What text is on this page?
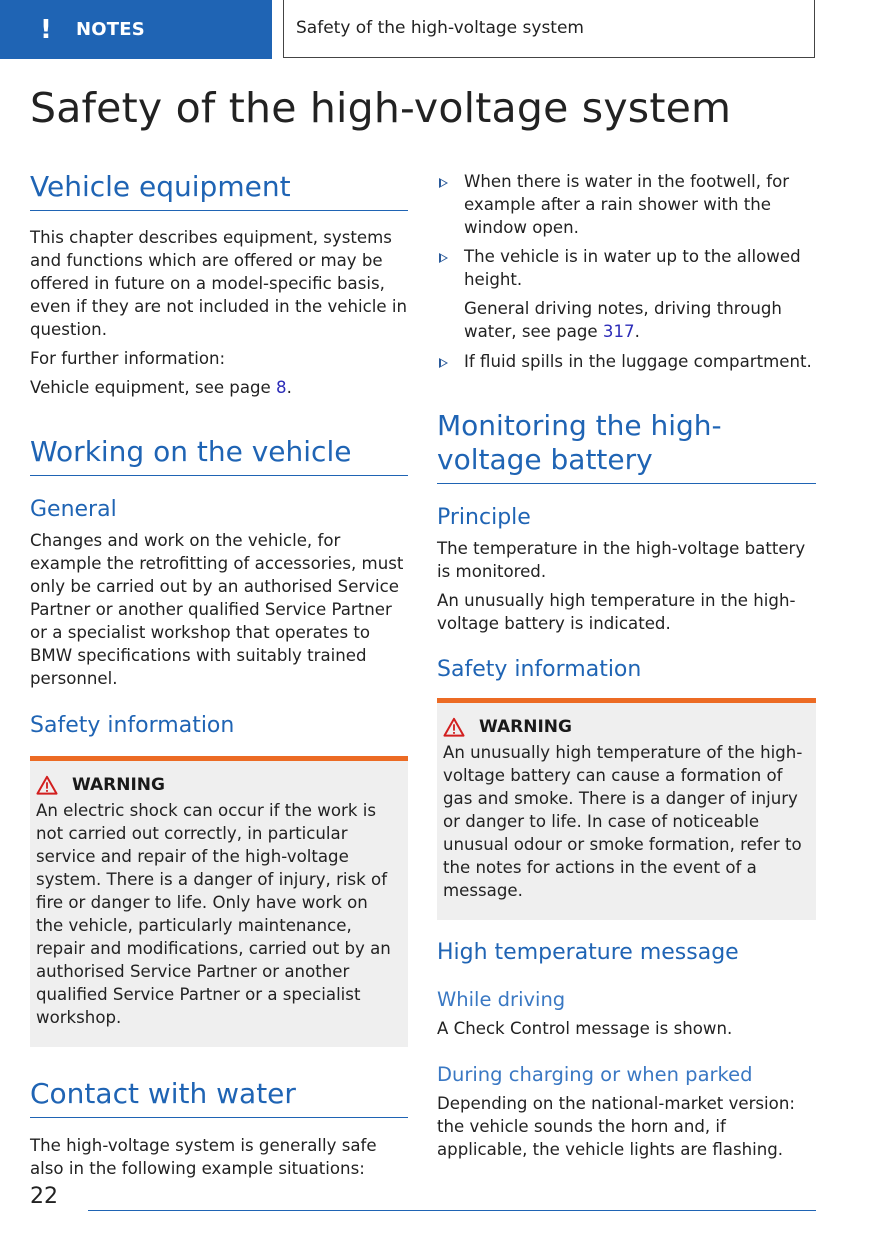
!	NOTES	Safety of the high-voltage system
Safety of the high-voltage system
Vehicle equipment

This chapter describes equipment, systems and functions which are offered or may be offered in future on a model-specific basis, even if they are not included in the vehicle in question.

For further information:

Vehicle equipment, see page 8.

Working on the vehicle
General

Changes and work on the vehicle, for example the retrofitting of accessories, must only be carried out by an authorised Service Partner or another qualified Service Partner or a specialist workshop that operates to BMW specifications with suitably trained personnel.

Safety information
WARNING

An electric shock can occur if the work is not carried out correctly, in particular service and repair of the high-voltage system. There is a danger of injury, risk of fire or danger to life. Only have work on the vehicle, particularly maintenance, repair and modifications, carried out by an authorised Service Partner or another qualified Service Partner or a specialist workshop.

Contact with water

The high-voltage system is generally safe also in the following example situations:

When there is water in the footwell, for example after a rain shower with the window open.

The vehicle is in water up to the allowed height.

General driving notes, driving through water, see page 317.

If fluid spills in the luggage compartment.

Monitoring the high-voltage battery
Principle

The temperature in the high-voltage battery is monitored.

An unusually high temperature in the high-voltage battery is indicated.

Safety information
WARNING

An unusually high temperature of the high-voltage battery can cause a formation of gas and smoke. There is a danger of injury or danger to life. In case of noticeable unusual odour or smoke formation, refer to the notes for actions in the event of a message.

High temperature message
While driving

A Check Control message is shown.

During charging or when parked

Depending on the national-market version: the vehicle sounds the horn and, if applicable, the vehicle lights are flashing.

22
